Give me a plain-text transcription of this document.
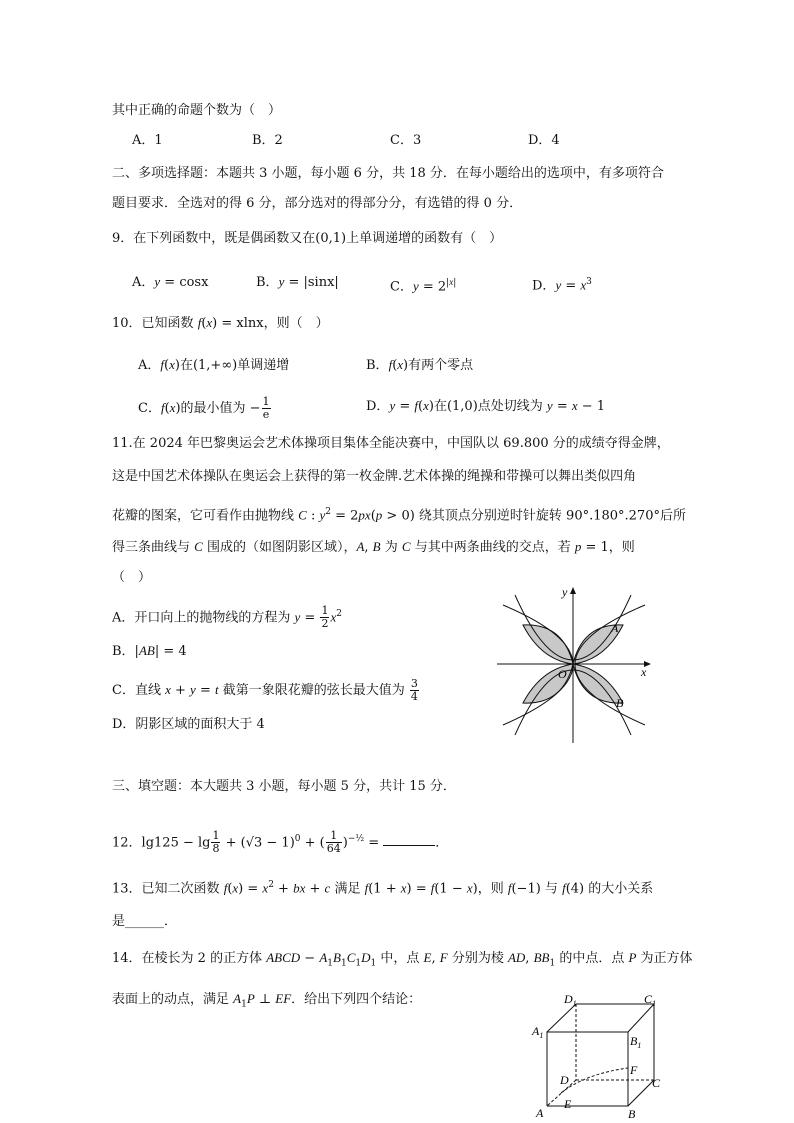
其中正确的命题个数为（　）
A．1	B．2	C．3	D．4
二、多项选择题：本题共 3 小题，每小题 6 分，共 18 分．在每小题给出的选项中，有多项符合
题目要求．全选对的得 6 分，部分选对的得部分分，有选错的得 0 分．
9．在下列函数中，既是偶函数又在(0,1)上单调递增的函数有（　）
A．y = cosx	B．y = |sinx|	C．$y = 2^{|x|}$	D．$y = x^3$
10．已知函数 f(x) = xlnx，则（　）
A．f(x)在(1,+∞)单调递增	B．f(x)有两个零点
C．f(x)的最小值为 − $\frac{1}{e}$	D．y = f(x)在(1,0)点处切线为 y = x − 1
11.在 2024 年巴黎奥运会艺术体操项目集体全能决赛中，中国队以 69.800 分的成绩夺得金牌，
这是中国艺术体操队在奥运会上获得的第一枚金牌.艺术体操的绳操和带操可以舞出类似四角
花瓣的图案，它可看作由抛物线 C : $y^2 = 2px(p > 0)$ 绕其顶点分别逆时针旋转 90°.180°.270°后所
得三条曲线与 C 围成的（如图阴影区域），A, B 为 C 与其中两条曲线的交点，若 p = 1，则
（　）
A．开口向上的抛物线的方程为 $y = \frac{1}{2} x^2$
B．|AB| = 4
C．直线 x + y = t 截第一象限花瓣的弦长最大值为 $\frac{3}{4}$
D．阴影区域的面积大于 4
y
x
O
A
B
三、填空题：本大题共 3 小题，每小题 5 分，共计 15 分．
12．$\lg 125 - \lg \frac{1}{8} + (√3 - 1)^0$ + ( $\frac{1}{64} )^{-\frac{1}{2}}$ =	．
13．已知二次函数 $f(x) = x^2$ + bx + c 满足 f(1 + x) = f(1 − x)，则 f(−1) 与 f(4) 的大小关系
是______．
14．在棱长为 2 的正方体 ABCD − $A_1B_1C_1D_1$ 中，点 E, F 分别为棱 AD, $BB_1$ 的中点．点 P 为正方体
表面上的动点，满足 $A_1P$ ⊥ EF．给出下列四个结论：	$D_1$	$C_1$
$A_1$	$B_1$
D
F
C
A
E
B
